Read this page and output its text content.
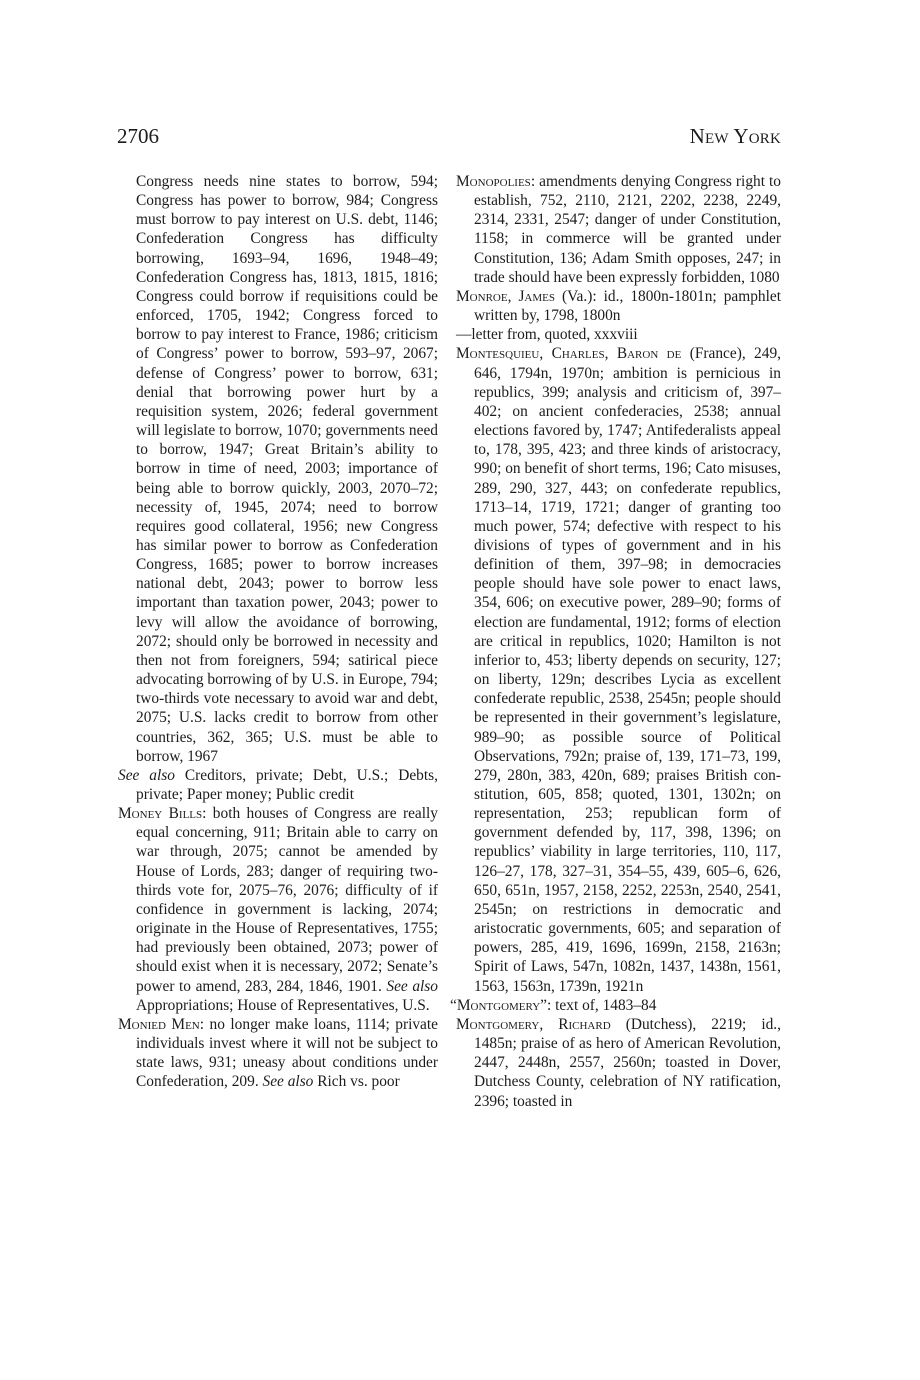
2706	New York

Congress needs nine states to borrow, 594; Congress has power to borrow, 984; Congress must borrow to pay interest on U.S. debt, 1146; Confederation Congress has difficulty borrowing, 1693–94, 1696, 1948–49; Confederation Congress has, 1813, 1815, 1816; Congress could borrow if requisitions could be enforced, 1705, 1942; Congress forced to borrow to pay interest to France, 1986; criticism of Congress’ power to borrow, 593–97, 2067; defense of Congress’ power to borrow, 631; denial that borrowing power hurt by a requisition system, 2026; federal government will legislate to borrow, 1070; governments need to borrow, 1947; Great Britain’s ability to borrow in time of need, 2003; importance of being able to borrow quickly, 2003, 2070–72; necessity of, 1945, 2074; need to borrow requires good collateral, 1956; new Congress has similar power to borrow as Confederation Congress, 1685; power to borrow increases national debt, 2043; power to borrow less important than taxation power, 2043; power to levy will allow the avoidance of borrowing, 2072; should only be borrowed in necessity and then not from foreigners, 594; satirical piece advocating borrowing of by U.S. in Europe, 794; two-thirds vote necessary to avoid war and debt, 2075; U.S. lacks credit to borrow from other countries, 362, 365; U.S. must be able to borrow, 1967

See also Creditors, private; Debt, U.S.; Debts, private; Paper money; Public credit

Money Bills: both houses of Congress are really equal concerning, 911; Britain able to carry on war through, 2075; cannot be amended by House of Lords, 283; danger of requiring two-thirds vote for, 2075–76, 2076; difficulty of if confidence in government is lacking, 2074; originate in the House of Representatives, 1755; had previously been obtained, 2073; power of should exist when it is necessary, 2072; Senate’s power to amend, 283, 284, 1846, 1901. See also Appropriations; House of Representatives, U.S.

Monied Men: no longer make loans, 1114; private individuals invest where it will not be subject to state laws, 931; uneasy about conditions under Confederation, 209. See also Rich vs. poor

Monopolies: amendments denying Congress right to establish, 752, 2110, 2121, 2202, 2238, 2249, 2314, 2331, 2547; danger of under Constitution, 1158; in commerce will be granted under Constitution, 136; Adam Smith opposes, 247; in trade should have been expressly forbidden, 1080

Monroe, James (Va.): id., 1800n-1801n; pamphlet written by, 1798, 1800n

—letter from, quoted, xxxviii

Montesquieu, Charles, Baron de (France), 249, 646, 1794n, 1970n; ambition is pernicious in republics, 399; analysis and criticism of, 397–402; on ancient confederacies, 2538; annual elections favored by, 1747; Antifederalists appeal to, 178, 395, 423; and three kinds of aristocracy, 990; on benefit of short terms, 196; Cato misuses, 289, 290, 327, 443; on confederate republics, 1713–14, 1719, 1721; danger of granting too much power, 574; defective with respect to his divisions of types of government and in his definition of them, 397–98; in democracies people should have sole power to enact laws, 354, 606; on executive power, 289–90; forms of election are fundamental, 1912; forms of election are critical in republics, 1020; Hamilton is not inferior to, 453; liberty depends on security, 127; on liberty, 129n; describes Lycia as excellent confederate republic, 2538, 2545n; people should be represented in their government’s legislature, 989–90; as possible source of Political Observations, 792n; praise of, 139, 171–73, 199, 279, 280n, 383, 420n, 689; praises British constitution, 605, 858; quoted, 1301, 1302n; on representation, 253; republican form of government defended by, 117, 398, 1396; on republics’ viability in large territories, 110, 117, 126–27, 178, 327–31, 354–55, 439, 605–6, 626, 650, 651n, 1957, 2158, 2252, 2253n, 2540, 2541, 2545n; on restrictions in democratic and aristocratic governments, 605; and separation of powers, 285, 419, 1696, 1699n, 2158, 2163n; Spirit of Laws, 547n, 1082n, 1437, 1438n, 1561, 1563, 1563n, 1739n, 1921n

“Montgomery”: text of, 1483–84

Montgomery, Richard (Dutchess), 2219; id., 1485n; praise of as hero of American Revolution, 2447, 2448n, 2557, 2560n; toasted in Dover, Dutchess County, celebration of NY ratification, 2396; toasted in
